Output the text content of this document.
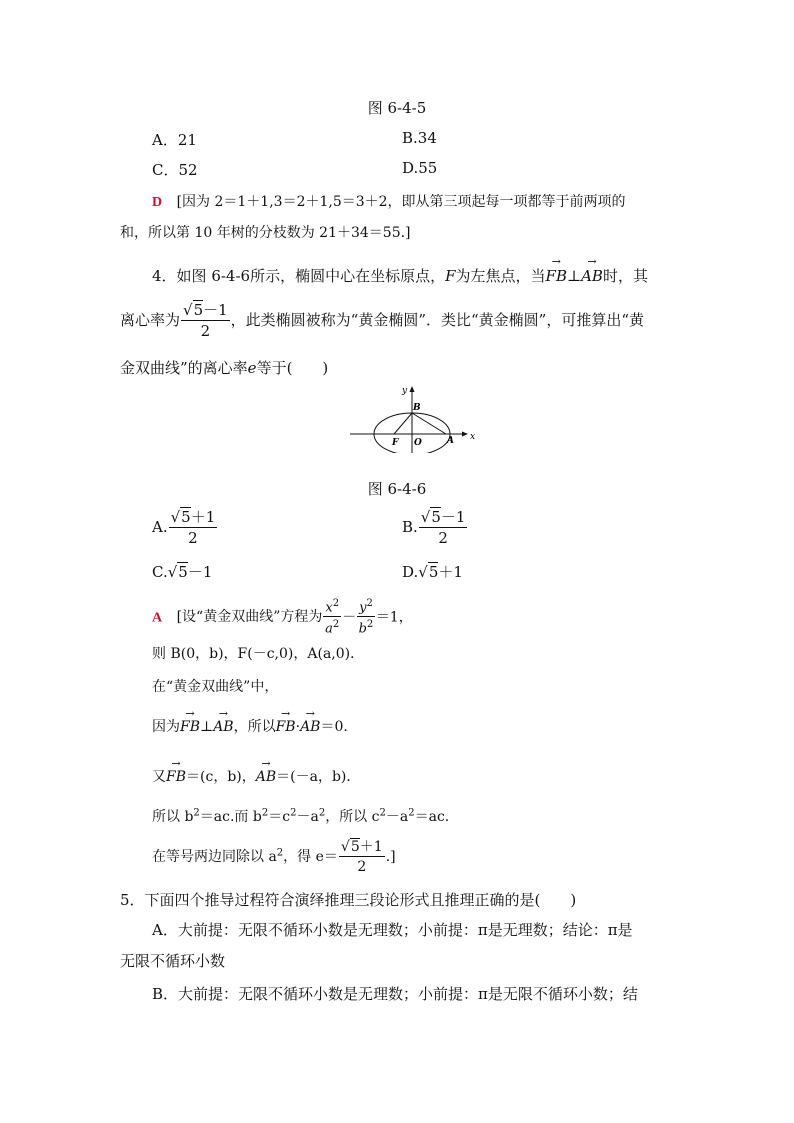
图 6-4-5
A．21	B.34
C．52	D.55
D [因为 2＝1＋1,3＝2＋1,5＝3＋2，即从第三项起每一项都等于前两项的
和，所以第 10 年树的分枝数为 21＋34＝55.]
4．如图 6-4-6所示，椭圆中心在坐标原点，F为左焦点，当→ FB⊥→ AB时，其
离心率为 $\frac{√5-1}{2}$ ，此类椭圆被称为“黄金椭圆”．类比“黄金椭圆”，可推算出“黄
金双曲线”的离心率e等于(　　)
y
x
B
F O	A
图 6-4-6
A. $\frac{√5+1}{2}$	B. $\frac{√5-1}{2}$
C.√5－1	D.√5＋1
A [设“黄金双曲线”方程为 $\frac{x^2}{a^2} - \frac{y^2}{b^2} =1$，
则 B(0，b)，F(－c,0)，A(a,0)．
在“黄金双曲线”中，
因为→ FB⊥→ AB，所以→ FB·→ AB＝0.
又→ FB＝(c，b)，→ AB＝(－a，b)．
所以 $b^2=ac$.而 $b^2=c^2-a^2$，所以 $c^2-a^2=ac$.
在等号两边同除以 $a^2$，得 $e= \frac{√5+1}{2}$ .]
5．下面四个推导过程符合演绎推理三段论形式且推理正确的是(　　)
A．大前提：无限不循环小数是无理数；小前提：π是无理数；结论：π是
无限不循环小数
B．大前提：无限不循环小数是无理数；小前提：π是无限不循环小数；结
